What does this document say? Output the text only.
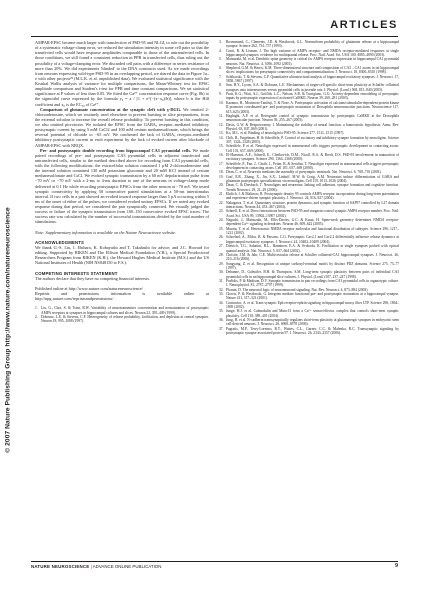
© 2007 Nature Publishing Group http://www.nature.com/natureneuroscience
ARTICLES

AMPAR-EPSC became much larger with transfection of PSD-95 and NLGI, to rule out the possibility of a systematic voltage-clamp error, we reduced the stimulation intensity in some cell pairs so that the transfected cells would have response amplitudes comparable to those of the untransfected cells. In those conditions, we still found a consistent reduction in PPR in transfected cells, thus ruling out the possibility of a voltage-clamping error. We discarded cell pairs with a difference in series resistance of more than 20%. We did experiments 'blinded' to the DNA constructs used. As we made recordings from neurons expressing wild-type PSD-95 in an overlapping period, we shared the data in Figure 1a–e with other projects²³ (M.L.K. et al. unpublished data). We evaluated statistical significance with the Kruskal Wallis analysis of variance for multiple comparisons, the Mann-Whitney test for EPSC amplitude comparison and Student's t-test for PPR and time constant comparisons. We set statistical significance at P values of less than 0.05. We fitted the Ca²⁺ concentration response curve (Fig. 8b) to the sigmoidal curve expressed by the formula y₀ = a / [1 + e^(−(x−x₀)/b)], where b is the Hill coefficient and x₀ is the EC₅₀ of Ca²⁺.

Comparison of glutamate concentration at the synaptic cleft with γ-DGG. We omitted 2-chloroadenosine, which we routinely used elsewhere to prevent bursting in slice preparations, from the external solution to increase the overall release probability. To prevent bursting in this condition, we also omitted picrotoxin. We isolated the EPSC from the GABAₐ receptor–mediated inhibitory postsynaptic current by using 5 mM CaCl2 and 100 mM cesium methanesulfonate, which brings the reversal potential of chloride to −65 mV. We confirmed the lack of GABAₐ receptor–mediated inhibitory postsynaptic current in each experiment by the lack of evoked current after blockade of AMPAR-EPSC with NBQX.

Pre- and postsynaptic double recording from hippocampal CA3 pyramidal cells. We made paired recordings of pre- and postsynaptic CA3 pyramidal cells in adjacent transfected and untransfected cells, similar to the method described above for recording from CA3 pyramidal cells, with the following modifications: the extracellular solution contained 1 µM 2-chloroadenosine and the internal solution contained 130 mM potassium gluconate and 20 mM KCl instead of cesium methanesulfonate and CsCl. We evoked synaptic transmission by a 60 mV depolarization pulse from −70 mV or −70 mV with a 2-ms to 4-ms duration to one of the neurons in voltage-clamp mode delivered at 0.1 Hz while recording postsynaptic EPSCs from the other neuron at −70 mV. We tested synaptic connectivity by applying 50 consecutive paired stimulations at a 50-ms interstimulus interval. If two cells in a pair showed an evoked inward response larger than 5 pA occurring within 5 ms of the onset of either of the pulses, we considered evoked unitary EPSCs. If we noted any evoked response during that period, we considered the pair synaptically connected. We visually judged the success or failure of the synaptic transmission from 100–150 consecutive evoked EPSC traces. The success rate was calculated by the number of successful transmissions divided by the total number of stimulations.

Note: Supplementary information is available on the Nature Neuroscience website.

ACKNOWLEDGMENTS

We thank G.-S. Liu, I. Ebihara, K. Kobayashi and T. Takahashi for advice, and J.C. Howard for editing. Supported by RIKEN and The Ellison Medical Foundation (Y.H.), a Special Postdoctoral Researchers Program from RIKEN (K.H.), the Howard Hughes Medical Institute (M.S.) and the US National Institutes of Health (NIH NS048150 to F.S.).

COMPETING INTERESTS STATEMENT

The authors declare that they have no competing financial interests.

Published online at http://www.nature.com/natureneuroscience/

Reprints and permissions information is available online at http://npg.nature.com/reprintsandpermissions/

1. Liu, G., Choi, S. & Tsien, R.W. Variability of neurotransmitter concentration and nonsaturation of postsynaptic AMPA receptors at synapses in hippocampal cultures and slices. Neuron 22, 395–409 (1999).
2. Dobrunz, L.E. & Stevens, C.F. Heterogeneity of release probability, facilitation, and depletion at central synapses. Neuron 18, 995–1008 (1997).
3. Rosenmund, C., Clements, J.D. & Westbrook, G.L. Nonuniform probability of glutamate release at a hippocampal synapse. Science 262, 754–757 (1993).
4. Conti, R. & Lisman, J. The high variance of AMPA receptor- and NMDA receptor-mediated responses at single hippocampal synapses: evidence for multiquantal release. Proc. Natl. Acad. Sci. USA 100, 4885–4890 (2003).
5. Matsuzaki, M. et al. Dendritic spine geometry is critical for AMPA receptor expression in hippocampal CA1 pyramidal neurons. Nat. Neurosci. 4, 1086–1092 (2001).
6. Shepherd, G.M. & Harris, K.M. Three-dimensional structure and composition of CA3→CA1 axons in rat hippocampal slices: implications for presynaptic connectivity and compartmentalization. J. Neurosci. 18, 8300–8310 (1998).
7. Schikorski, T. & Stevens, C.F. Quantitative ultrastructural analysis of hippocampal excitatory synapses. J. Neurosci. 17, 5858–5867 (1997).
8. Sun, H.Y., Lyons, S.A. & Dobrunz, L.E. Mechanisms of target-cell specific short-term plasticity at Schaffer collateral synapses onto interneurones versus pyramidal cells in juvenile rats. J. Physiol. (Lond.) 568, 815–840 (2005).
9. Pratt, K.G., Watt, A.J., Griffith, L.C., Nelson, S.B. & Turrigiano, G.G. Activity-dependent remodeling of presynaptic inputs by postsynaptic expression of activated CaMKII. Neuron 39, 269–281 (2003).
10. Kazama, H., Morimoto-Tanifuji, T. & Nose, A. Postsynaptic activation of calcium/calmodulin-dependent protein kinase II promotes coordinated pre- and postsynaptic maturation of Drosophila neuromuscular junctions. Neuroscience 117, 615–625 (2003).
11. Haghighi, A.P. et al. Retrograde control of synaptic transmission by postsynaptic CaMKII at the Drosophila neuromuscular junction. Neuron 39, 255–267 (2003).
12. Davis, G.W. & Bezprozvanny, I. Maintaining the stability of neural function: a homeostatic hypothesis. Annu. Rev. Physiol. 63, 847–869 (2001).
13. Ko, M.L. et al. Binding of neuroligin to PSD-95. Science 277, 1511–1515 (1997).
14. Chih, B., Engelman, H. & Scheiffele, P. Control of excitatory and inhibitory synapse formation by neuroligins. Science 307, 1324–1328 (2005).
15. Scheiffele, P. et al. Neuroligin expressed in nonneuronal cells triggers presynaptic development in contacting axons. Cell 101, 657–669 (2000).
16. El-Husseini, A.E., Schnell, E., Chetkovich, D.M., Nicoll, R.A. & Bredt, D.S. PSD-95 involvement in maturation of excitatory synapses. Science 290, 1364–1368 (2000).
17. Scheiffele, P., Fan, J., Choih, J., Fetter, R. & Serafini, T. Neuroligin expressed in nonneuronal cells triggers presynaptic development in contacting axons. Cell 101, 657–669 (2000).
18. Dean, C. et al. Neurexin mediates the assembly of presynaptic terminals. Nat. Neurosci. 6, 708–716 (2003).
19. Graf, E.R., Zhang, X., Jin, S.X., Linhoff, M.W. & Craig, A.M. Neurexins induce differentiation of GABA and glutamate postsynaptic specializations via neuroligins. Cell 119, 1013–1026 (2004).
20. Dean, C. & Dresbach, T. Neuroligins and neurexins: linking cell adhesion, synapse formation and cognitive function. Trends Neurosci. 29, 21–29 (2006).
21. Ehrlich, I. & Malinow, R. Postsynaptic density 95 controls AMPA receptor incorporation during long-term potentiation and experience-driven synaptic plasticity. J. Neurosci. 24, 916–927 (2004).
22. Nakagawa, T. et al. Quaternary structure, protein dynamics, and synaptic function of SAP97 controlled by L27 domain interactions. Neuron 44, 453–467 (2004).
23. Schnell, E. et al. Direct interactions between PSD-95 and stargazin control synaptic AMPA receptor number. Proc. Natl. Acad. Sci. USA 99, 13902–13907 (2002).
24. Naguchi, J., Matsuzaki, M., Ellis-Davies, G.C. & Kasai, H. Spine-neck geometry determines NMDA receptor-dependent Ca²⁺ signaling in dendrites. Neuron 46, 609–622 (2005).
25. Murata, Y. et al. Heterosomic NMDA receptor molecular and functional distribution of subtypes. Science 296, 1217–1221 (2002).
26. Schoelzel, A., Milos, R. & Parsons, C.G. Presynaptic Cav2.1 and Cav2.2 differentially influence release dynamics at hippocampal excitatory synapses. J. Neurosci. 24, 10402–10409 (2004).
27. Dietrich, T.G., Sabatini, B.L., Hanninen, E.A. & Svoboda, K. Facilitation at single synapses probed with optical quantal analysis. Nat. Neurosci. 5, 657–664 (2002).
28. Christie, J.M. & Jahr, C.E. Multivesicular release at Schaffer collateral-CA1 hippocampal synapses. J. Neurosci. 26, 210–216 (2006).
29. Songyang, Z. et al. Recognition of unique carboxyl-terminal motifs by distinct PDZ domains. Science 275, 73–77 (1997).
30. Debanne, D., Gahwiler, B.H. & Thompson, S.M. Long-term synaptic plasticity between pairs of individual CA3 pyramidal cells in rat hippocampal slice cultures. J. Physiol. (Lond.) 507, 237–247 (1998).
31. Pavlidis, P. & Madison, D.V. Synaptic transmission in pair recordings from CA3 pyramidal cells in organotypic culture. J. Neurophysiol. 81, 2787–2797 (1999).
32. Plomin, D. The neuronal logic of neuroneuronal signaling. Nat. Rev. Neurosci. 4, 873–884 (2003).
33. Chavis, P. & Westbrook, G. Integrins mediate functional pre- and postsynaptic maturation at a hippocampal synapse. Nature 411, 317–321 (2001).
34. Contractor, A. et al. Trans-synaptic Eph receptor-ephrin signaling in hippocampal mossy fiber LTP. Science 296, 1864–1869 (2002).
35. Junge, H.J. et al. Calmodulin and Munc13 form a Ca²⁺ sensor/effector complex that controls short-term synaptic plasticity. Cell 118, 389–401 (2004).
36. Jung, H. et al. N-cadherin transsynaptically regulates short-term plasticity at glutamatergic synapses in embryonic stem cell-derived neurons. J. Neurosci. 26, 6968–6978 (2006).
37. Pagratis, M.P., Terry-Lorenzo, R.T., Waites, C.L., Garner, C.C. & Malenka, R.C. Transsynaptic signaling by postsynaptic synapse-associated protein 97. J. Neurosci. 26, 2343–2357 (2006).
NATURE NEUROSCIENCE | ADVANCE ONLINE PUBLICATION	9
